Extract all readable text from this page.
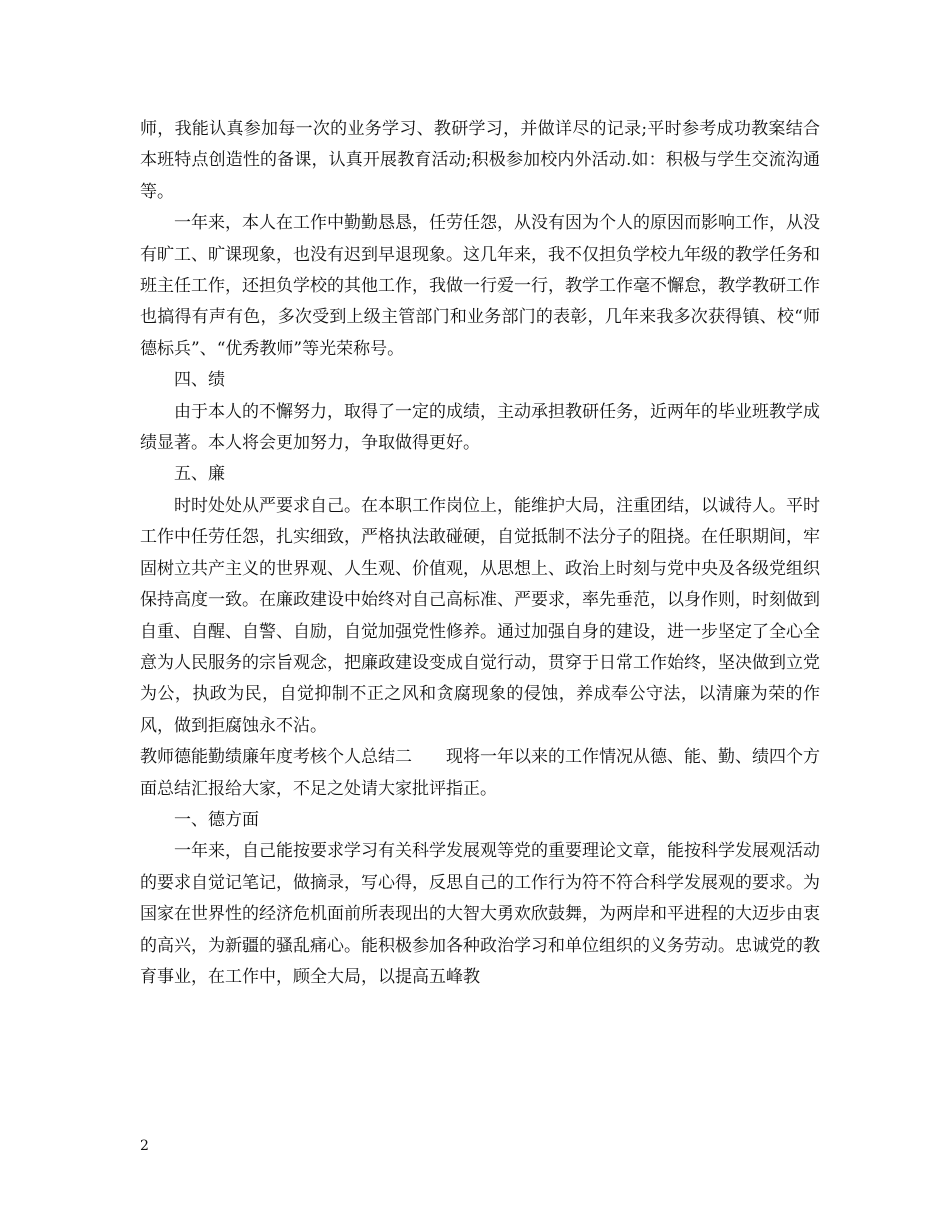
师，我能认真参加每一次的业务学习、教研学习，并做详尽的记录;平时参考成功教案结合本班特点创造性的备课，认真开展教育活动;积极参加校内外活动.如：积极与学生交流沟通等。

一年来，本人在工作中勤勤恳恳，任劳任怨，从没有因为个人的原因而影响工作，从没有旷工、旷课现象，也没有迟到早退现象。这几年来，我不仅担负学校九年级的教学任务和班主任工作，还担负学校的其他工作，我做一行爱一行，教学工作毫不懈怠，教学教研工作也搞得有声有色，多次受到上级主管部门和业务部门的表彰，几年来我多次获得镇、校“师德标兵”、“优秀教师”等光荣称号。

四、绩

由于本人的不懈努力，取得了一定的成绩，主动承担教研任务，近两年的毕业班教学成绩显著。本人将会更加努力，争取做得更好。

五、廉

时时处处从严要求自己。在本职工作岗位上，能维护大局，注重团结，以诚待人。平时工作中任劳任怨，扎实细致，严格执法敢碰硬，自觉抵制不法分子的阻挠。在任职期间，牢固树立共产主义的世界观、人生观、价值观，从思想上、政治上时刻与党中央及各级党组织保持高度一致。在廉政建设中始终对自己高标准、严要求，率先垂范，以身作则，时刻做到自重、自醒、自警、自励，自觉加强党性修养。通过加强自身的建设，进一步坚定了全心全意为人民服务的宗旨观念，把廉政建设变成自觉行动，贯穿于日常工作始终，坚决做到立党为公，执政为民，自觉抑制不正之风和贪腐现象的侵蚀，养成奉公守法，以清廉为荣的作风，做到拒腐蚀永不沾。

教师德能勤绩廉年度考核个人总结二　　现将一年以来的工作情况从德、能、勤、绩四个方面总结汇报给大家，不足之处请大家批评指正。

一、德方面

一年来，自己能按要求学习有关科学发展观等党的重要理论文章，能按科学发展观活动的要求自觉记笔记，做摘录，写心得，反思自己的工作行为符不符合科学发展观的要求。为国家在世界性的经济危机面前所表现出的大智大勇欢欣鼓舞，为两岸和平进程的大迈步由衷的高兴，为新疆的骚乱痛心。能积极参加各种政治学习和单位组织的义务劳动。忠诚党的教育事业，在工作中，顾全大局，以提高五峰教

2
